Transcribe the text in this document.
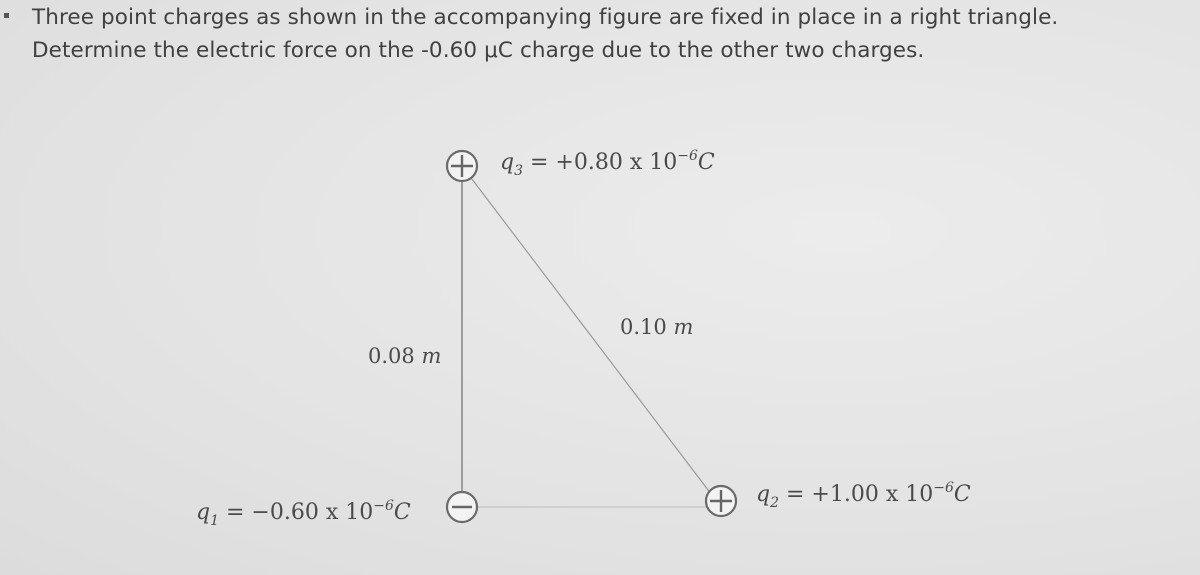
Three point charges as shown in the accompanying figure are fixed in place in a right triangle.
Determine the electric force on the -0.60 μC charge due to the other two charges.
$q_3 = +0.80$ x $10^{-6}C$
$q_1 = -0.60$ x $10^{-6}C$
$q_2 = +1.00$ x $10^{-6}C$
0.08 m
0.10 m
